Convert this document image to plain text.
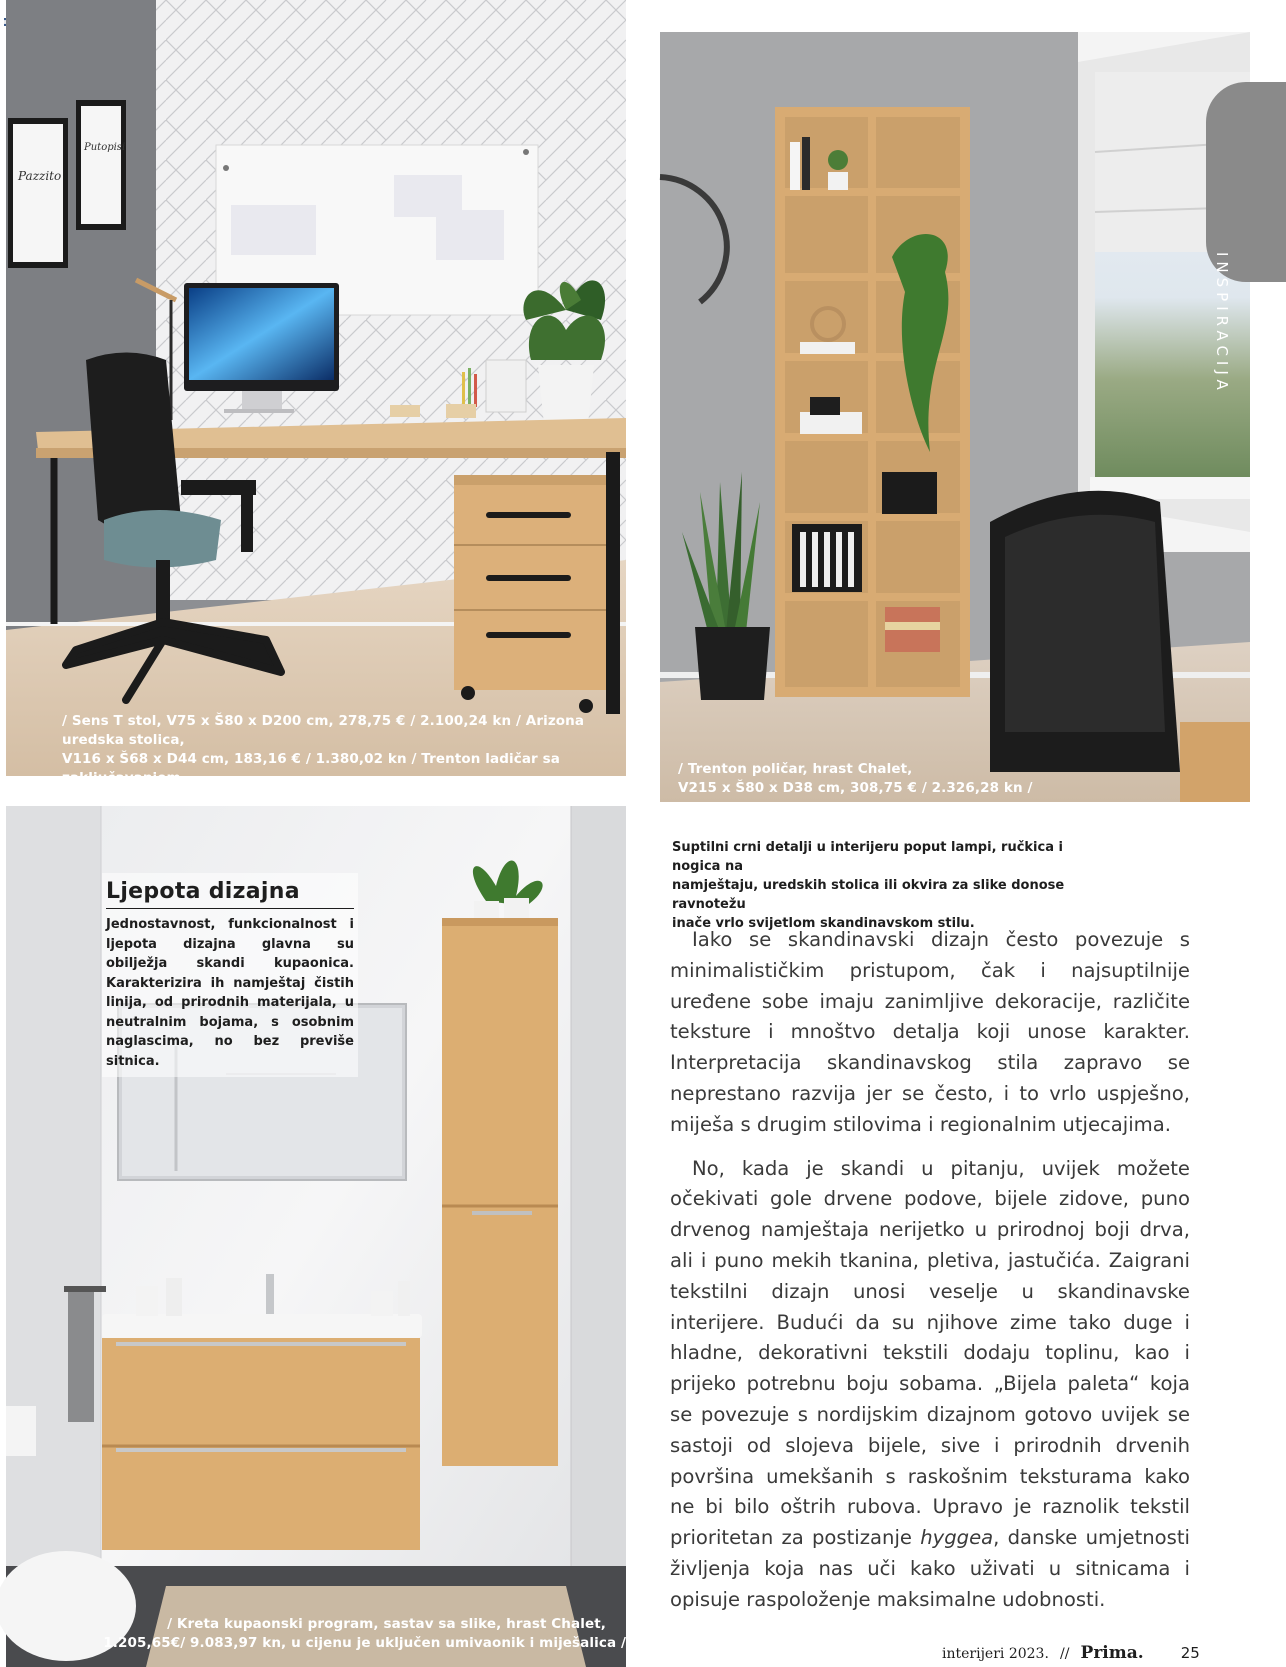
Pazzito
Putopisi

/ Sens T stol, V75 x Š80 x D200 cm, 278,75 € / 2.100,24 kn / Arizona uredska stolica,

V116 x Š68 x D44 cm, 183,16 € / 1.380,02 kn / Trenton ladičar sa zaključavanjem,

V63 x Š43 x D55 cm, 272,50 € / 2.053,15 kn /

/ Trenton poličar, hrast Chalet,

V215 x Š80 x D38 cm, 308,75 € / 2.326,28 kn /

INSPIRACIJA

/ Kreta kupaonski program, sastav sa slike, hrast Chalet,

1.205,65€/ 9.083,97 kn, u cijenu je uključen umivaonik i miješalica /

Ljepota dizajna

Jednostavnost, funkcionalnost i ljepota dizajna glavna su obilježja skandi kupaonica. Karakterizira ih namještaj čistih linija, od prirodnih materijala, u neutralnim bojama, s osobnim naglascima, no bez previše sitnica.

Suptilni crni detalji u interijeru poput lampi, ručkica i nogica na

namještaju, uredskih stolica ili okvira za slike donose ravnotežu

inače vrlo svijetlom skandinavskom stilu.

Iako se skandinavski dizajn često povezuje s minimalističkim pristupom, čak i najsuptilnije uređene sobe imaju zanimljive dekoracije, različite teksture i mnoštvo detalja koji unose karakter. Interpretacija skandinavskog stila zapravo se neprestano razvija jer se često, i to vrlo uspješno, miješa s drugim stilovima i regionalnim utjecajima.

No, kada je skandi u pitanju, uvijek možete očekivati gole drvene podove, bijele zidove, puno drvenog namještaja nerijetko u prirodnoj boji drva, ali i puno mekih tkanina, pletiva, jastučića. Zaigrani tekstilni dizajn unosi veselje u skandinavske interijere. Budući da su njihove zime tako duge i hladne, dekorativni tekstili dodaju toplinu, kao i prijeko potrebnu boju sobama. „Bijela paleta“ koja se povezuje s nordijskim dizajnom gotovo uvijek se sastoji od slojeva bijele, sive i prirodnih drvenih površina umekšanih s raskošnim teksturama kako ne bi bilo oštrih rubova. Upravo je raznolik tekstil prioritetan za postizanje hyggea, danske umjetnosti življenja koja nas uči kako uživati u sitnicama i opisuje raspoloženje maksimalne udobnosti.

interijeri 2023. // Prima. 25
